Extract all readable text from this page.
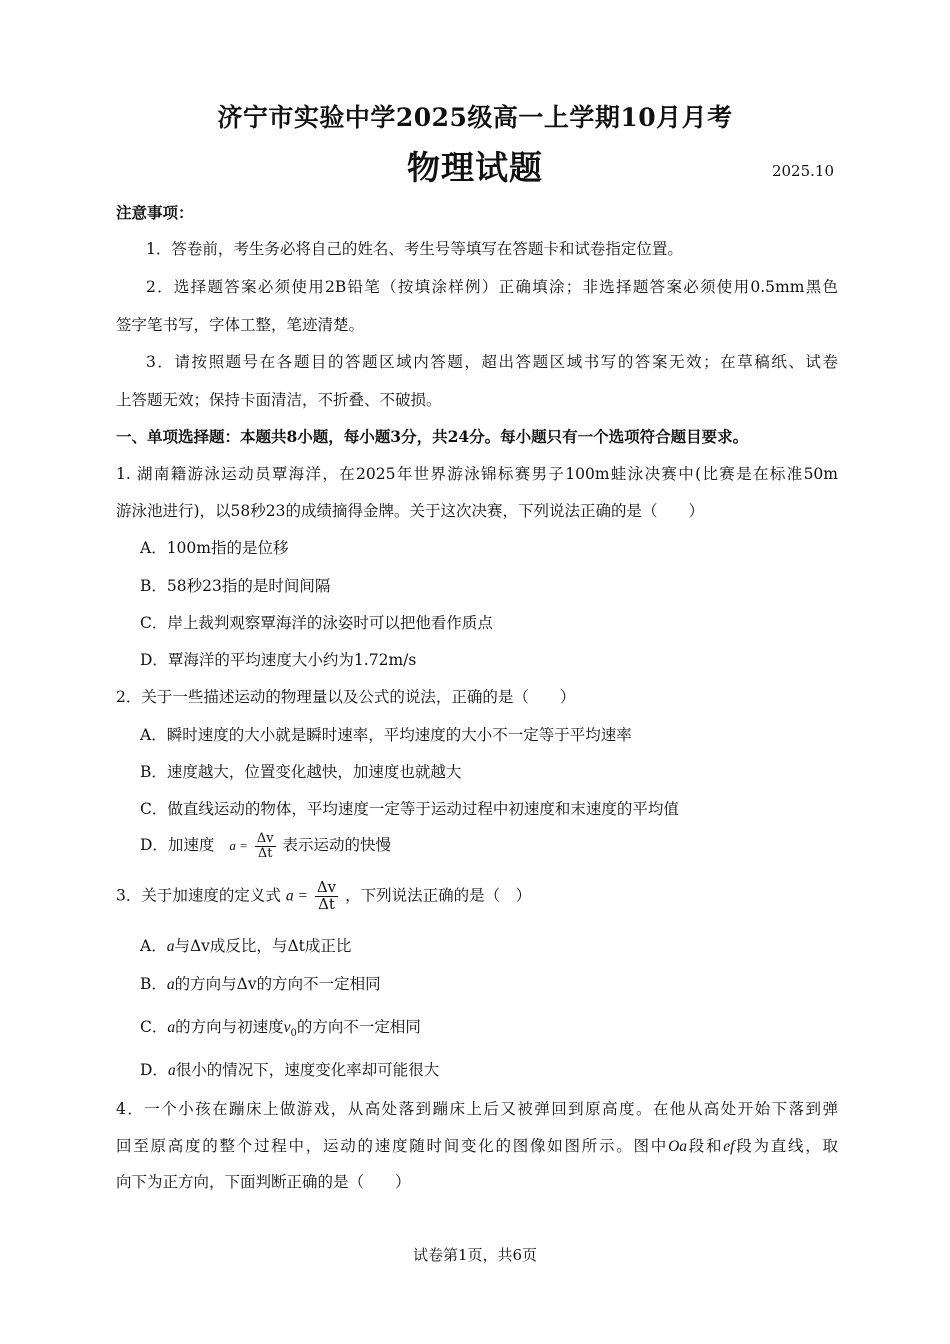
济宁市实验中学2025级高一上学期10月月考
物理试题	2025.10
注意事项：
1．答卷前，考生务必将自己的姓名、考生号等填写在答题卡和试卷指定位置。
2．选择题答案必须使用2B铅笔（按填涂样例）正确填涂；非选择题答案必须使用0.5mm黑色
签字笔书写，字体工整，笔迹清楚。
3．请按照题号在各题目的答题区域内答题，超出答题区域书写的答案无效；在草稿纸、试卷
上答题无效；保持卡面清洁，不折叠、不破损。
一、单项选择题：本题共8小题，每小题3分，共24分。每小题只有一个选项符合题目要求。
1. 湖南籍游泳运动员覃海洋，在2025年世界游泳锦标赛男子100m蛙泳决赛中(比赛是在标准50m
游泳池进行)，以58秒23的成绩摘得金牌。关于这次决赛，下列说法正确的是（　　）
A．100m指的是位移
B．58秒23指的是时间间隔
C．岸上裁判观察覃海洋的泳姿时可以把他看作质点
D．覃海洋的平均速度大小约为1.72m/s
2．关于一些描述运动的物理量以及公式的说法，正确的是（　　）
A．瞬时速度的大小就是瞬时速率，平均速度的大小不一定等于平均速率
B．速度越大，位置变化越快，加速度也就越大
C．做直线运动的物体，平均速度一定等于运动过程中初速度和末速度的平均值
D．加速度 $a = \frac{\Delta v}{\Delta t}$ 表示运动的快慢
3．关于加速度的定义式 $a = \frac{\Delta v}{\Delta t}$ ，下列说法正确的是（　）
A．a与Δv成反比，与Δt成正比
B．a的方向与Δv的方向不一定相同
C．a的方向与初速度$v_0$的方向不一定相同
D．a很小的情况下，速度变化率却可能很大
4．一个小孩在蹦床上做游戏，从高处落到蹦床上后又被弹回到原高度。在他从高处开始下落到弹
回至原高度的整个过程中，运动的速度随时间变化的图像如图所示。图中Oa段和ef段为直线，取
向下为正方向，下面判断正确的是（　　）
试卷第1页，共6页
